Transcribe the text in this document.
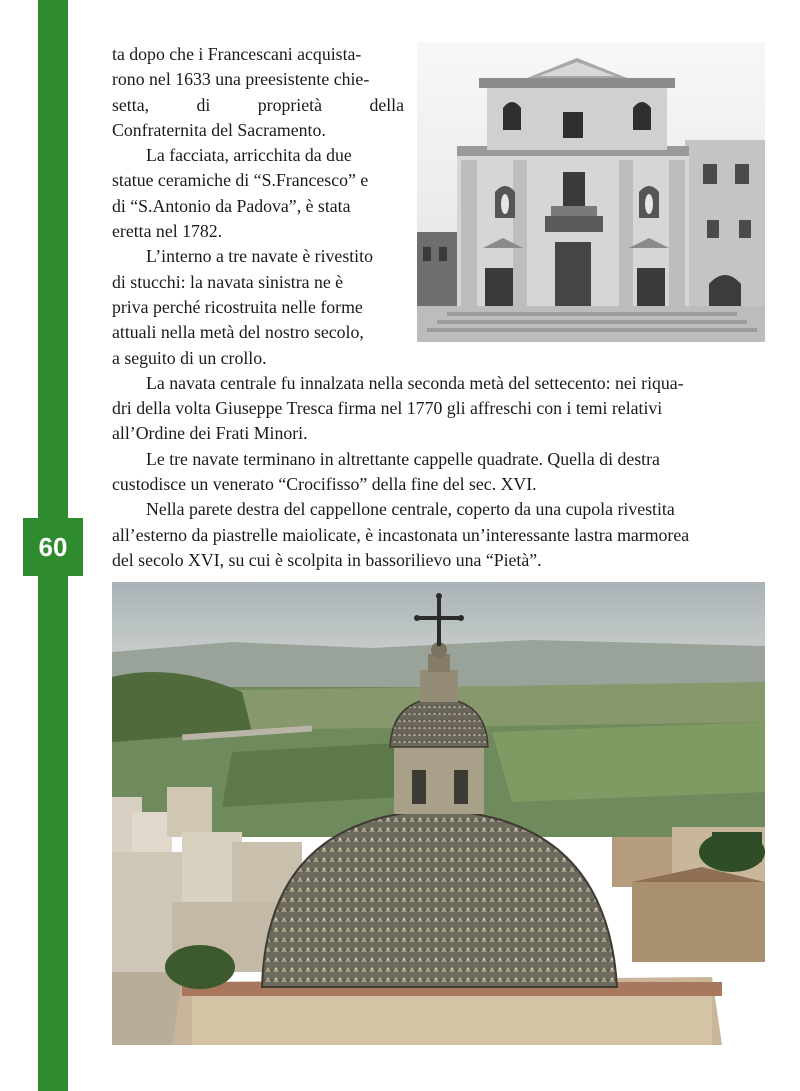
60

ta dopo che i Francescani acquista-
rono nel 1633 una preesistente chie-
setta, di proprietà della
Confraternita del Sacramento.

La facciata, arricchita da due
statue ceramiche di “S.Francesco” e
di “S.Antonio da Padova”, è stata
eretta nel 1782.

L’interno a tre navate è rivestito
di stucchi: la navata sinistra ne è
priva perché ricostruita nelle forme
attuali nella metà del nostro secolo,
a seguito di un crollo.

La navata centrale fu innalzata nella seconda metà del settecento: nei riqua-
dri della volta Giuseppe Tresca firma nel 1770 gli affreschi con i temi relativi
all’Ordine dei Frati Minori.

Le tre navate terminano in altrettante cappelle quadrate. Quella di destra
custodisce un venerato “Crocifisso” della fine del sec. XVI.

Nella parete destra del cappellone centrale, coperto da una cupola rivestita
all’esterno da piastrelle maiolicate, è incastonata un’interessante lastra marmorea
del secolo XVI, su cui è scolpita in bassorilievo una “Pietà”.
